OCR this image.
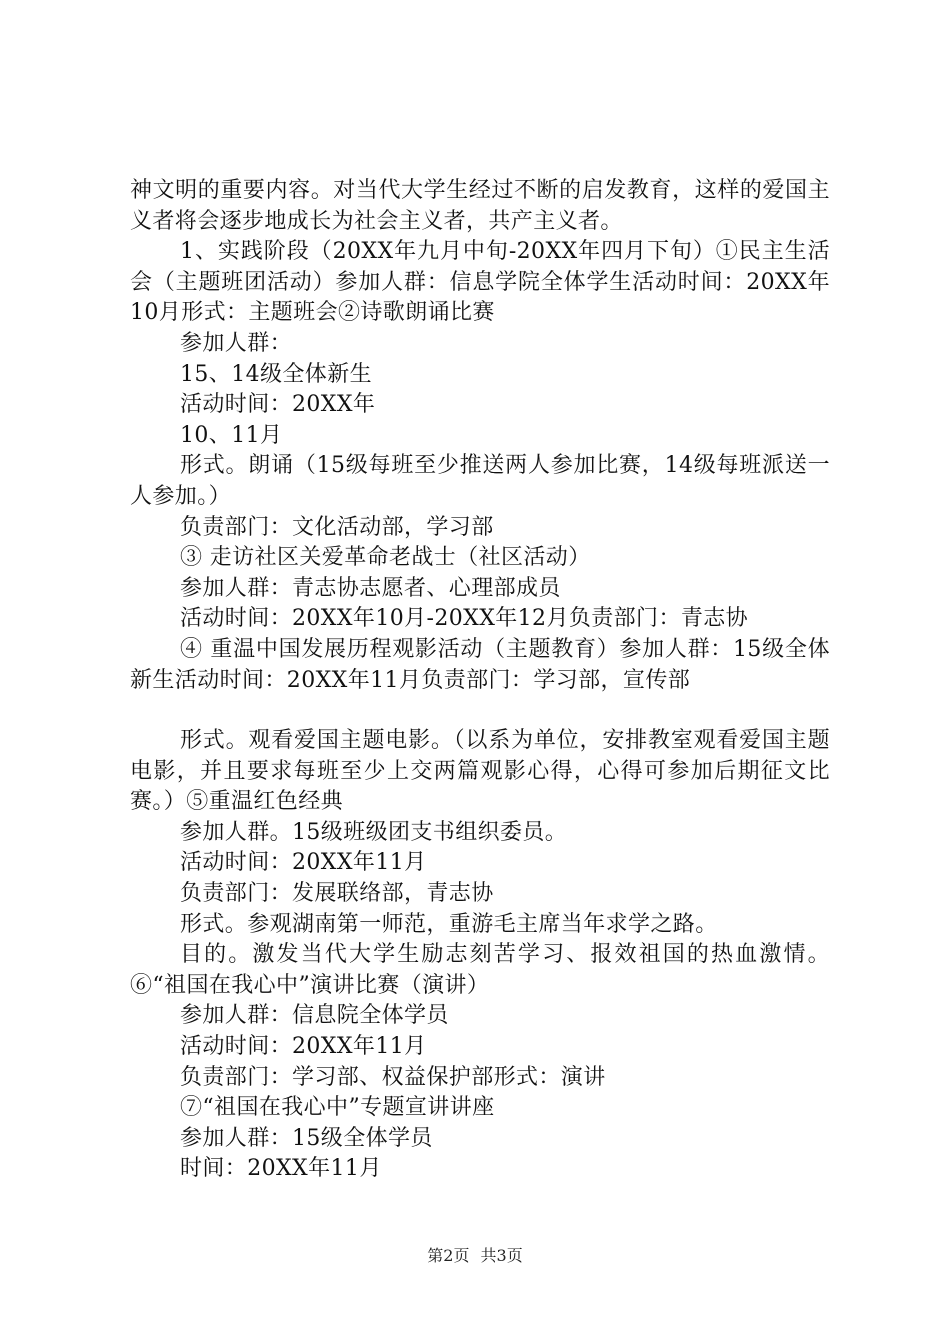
神文明的重要内容。对当代大学生经过不断的启发教育，这样的爱国主义者将会逐步地成长为社会主义者，共产主义者。

1、实践阶段（20XX年九月中旬-20XX年四月下旬）①民主生活会（主题班团活动）参加人群：信息学院全体学生活动时间：20XX年10月形式：主题班会②诗歌朗诵比赛

参加人群：

15、14级全体新生

活动时间：20XX年

10、11月

形式。朗诵（15级每班至少推送两人参加比赛，14级每班派送一人参加。）

负责部门：文化活动部，学习部

③ 走访社区关爱革命老战士（社区活动）

参加人群：青志协志愿者、心理部成员

活动时间：20XX年10月-20XX年12月负责部门：青志协

④ 重温中国发展历程观影活动（主题教育）参加人群：15级全体新生活动时间：20XX年11月负责部门：学习部，宣传部

形式。观看爱国主题电影。（以系为单位，安排教室观看爱国主题电影，并且要求每班至少上交两篇观影心得，心得可参加后期征文比赛。）⑤重温红色经典

参加人群。15级班级团支书组织委员。

活动时间：20XX年11月

负责部门：发展联络部，青志协

形式。参观湖南第一师范，重游毛主席当年求学之路。

目的。激发当代大学生励志刻苦学习、报效祖国的热血激情。⑥“祖国在我心中”演讲比赛（演讲）

参加人群：信息院全体学员

活动时间：20XX年11月

负责部门：学习部、权益保护部形式：演讲

⑦“祖国在我心中”专题宣讲讲座

参加人群：15级全体学员

时间：20XX年11月

第2页 共3页
